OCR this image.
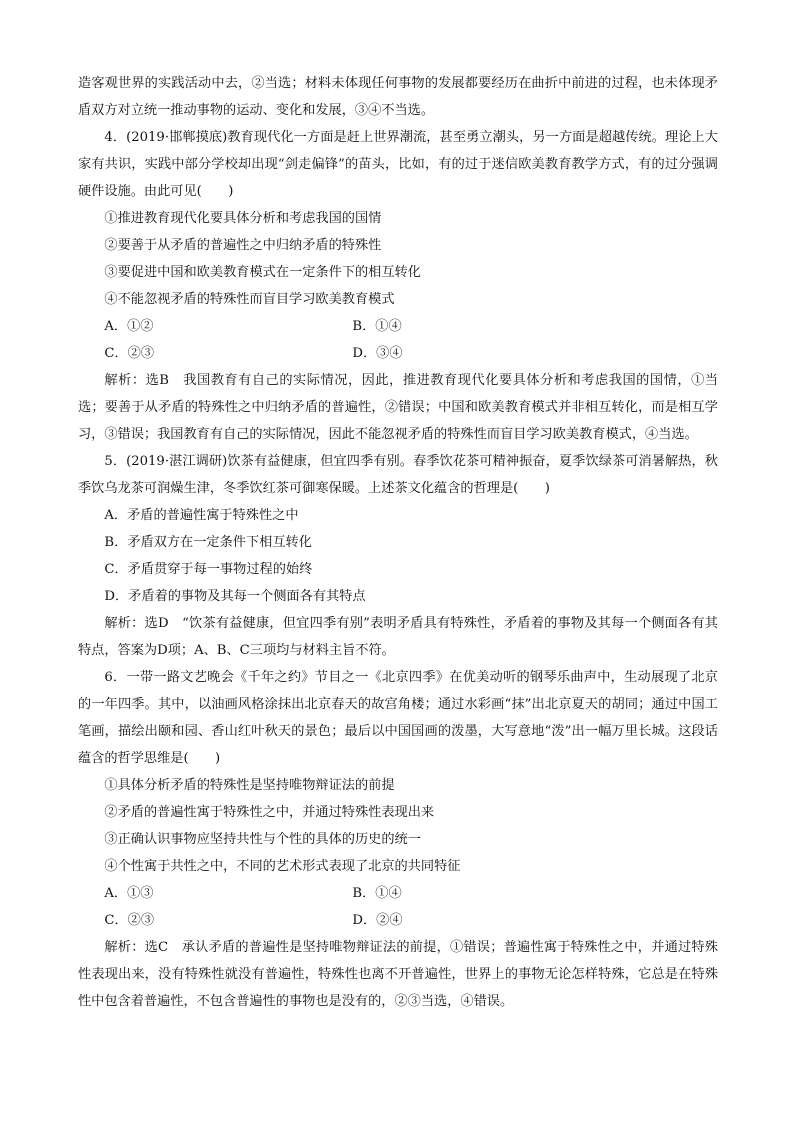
造客观世界的实践活动中去，②当选；材料未体现任何事物的发展都要经历在曲折中前进的过程，也未体现矛盾双方对立统一推动事物的运动、变化和发展，③④不当选。

4．(2019·邯郸摸底)教育现代化一方面是赶上世界潮流，甚至勇立潮头，另一方面是超越传统。理论上大家有共识，实践中部分学校却出现“剑走偏锋”的苗头，比如，有的过于迷信欧美教育教学方式，有的过分强调硬件设施。由此可见(　　)

①推进教育现代化要具体分析和考虑我国的国情

②要善于从矛盾的普遍性之中归纳矛盾的特殊性

③要促进中国和欧美教育模式在一定条件下的相互转化

④不能忽视矛盾的特殊性而盲目学习欧美教育模式

A．①②	B．①④
C．②③	D．③④

解析：选B　我国教育有自己的实际情况，因此，推进教育现代化要具体分析和考虑我国的国情，①当选；要善于从矛盾的特殊性之中归纳矛盾的普遍性，②错误；中国和欧美教育模式并非相互转化，而是相互学习，③错误；我国教育有自己的实际情况，因此不能忽视矛盾的特殊性而盲目学习欧美教育模式，④当选。

5．(2019·湛江调研)饮茶有益健康，但宜四季有别。春季饮花茶可精神振奋，夏季饮绿茶可消暑解热，秋季饮乌龙茶可润燥生津，冬季饮红茶可御寒保暖。上述茶文化蕴含的哲理是(　　)

A．矛盾的普遍性寓于特殊性之中

B．矛盾双方在一定条件下相互转化

C．矛盾贯穿于每一事物过程的始终

D．矛盾着的事物及其每一个侧面各有其特点

解析：选D　“饮茶有益健康，但宜四季有别”表明矛盾具有特殊性，矛盾着的事物及其每一个侧面各有其特点，答案为D项；A、B、C三项均与材料主旨不符。

6．一带一路文艺晚会《千年之约》节目之一《北京四季》在优美动听的钢琴乐曲声中，生动展现了北京的一年四季。其中，以油画风格涂抹出北京春天的故宫角楼；通过水彩画“抹”出北京夏天的胡同；通过中国工笔画，描绘出颐和园、香山红叶秋天的景色；最后以中国国画的泼墨，大写意地“泼”出一幅万里长城。这段话蕴含的哲学思维是(　　)

①具体分析矛盾的特殊性是坚持唯物辩证法的前提

②矛盾的普遍性寓于特殊性之中，并通过特殊性表现出来

③正确认识事物应坚持共性与个性的具体的历史的统一

④个性寓于共性之中，不同的艺术形式表现了北京的共同特征

A．①③	B．①④
C．②③	D．②④

解析：选C　承认矛盾的普遍性是坚持唯物辩证法的前提，①错误；普遍性寓于特殊性之中，并通过特殊性表现出来，没有特殊性就没有普遍性，特殊性也离不开普遍性，世界上的事物无论怎样特殊，它总是在特殊性中包含着普遍性，不包含普遍性的事物也是没有的，②③当选，④错误。
